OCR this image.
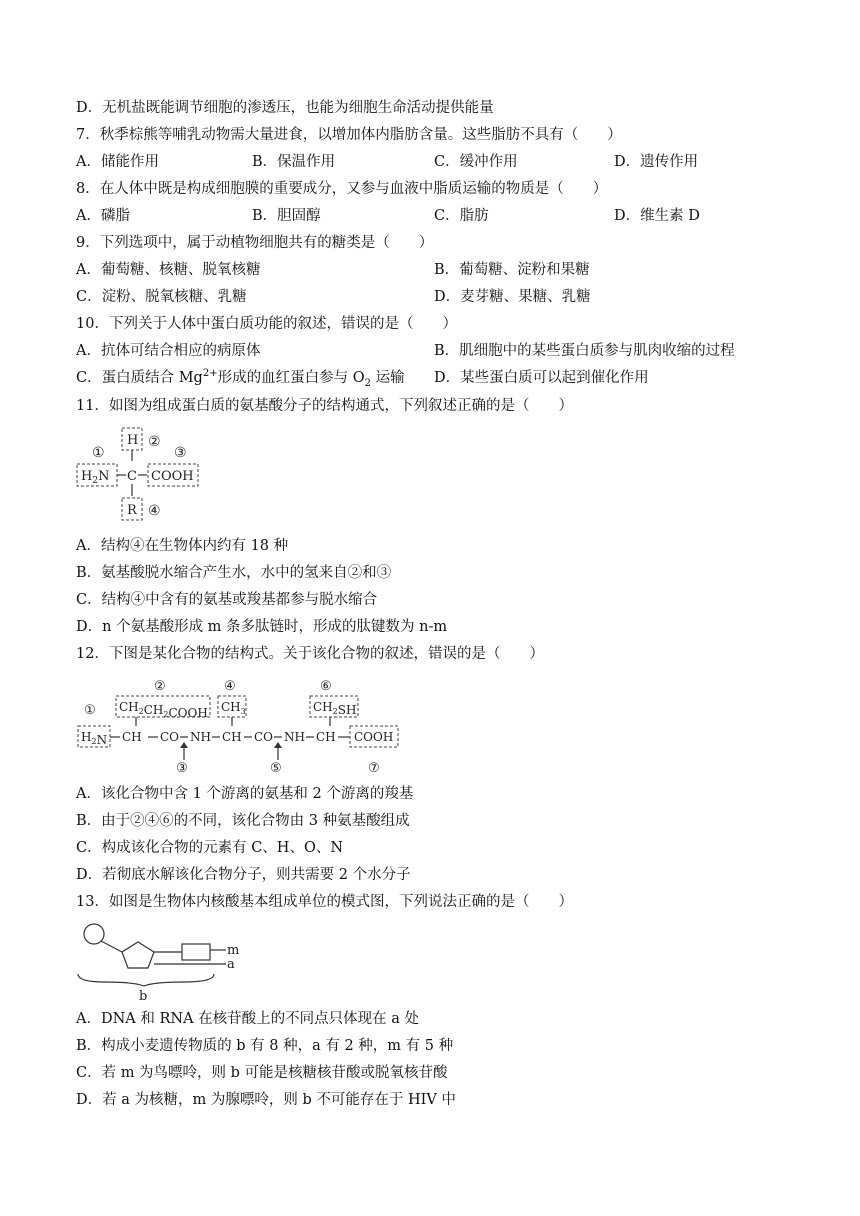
D．无机盐既能调节细胞的渗透压，也能为细胞生命活动提供能量
7．秋季棕熊等哺乳动物需大量进食，以增加体内脂肪含量。这些脂肪不具有（　　）
A．储能作用	B．保温作用	C．缓冲作用	D．遗传作用
8．在人体中既是构成细胞膜的重要成分，又参与血液中脂质运输的物质是（　　）
A．磷脂	B．胆固醇	C．脂肪	D．维生素 D
9．下列选项中，属于动植物细胞共有的糖类是（　　）
A．葡萄糖、核糖、脱氧核糖	B．葡萄糖、淀粉和果糖
C．淀粉、脱氧核糖、乳糖	D．麦芽糖、果糖、乳糖
10．下列关于人体中蛋白质功能的叙述，错误的是（　　）
A．抗体可结合相应的病原体	B．肌细胞中的某些蛋白质参与肌肉收缩的过程
C．蛋白质结合 $Mg^{2+}$形成的血红蛋白参与 $O_2$ 运输 D．某些蛋白质可以起到催化作用
11．如图为组成蛋白质的氨基酸分子的结构通式，下列叙述正确的是（　　）
①
②
③
④
H
$H_2N$ C COOH
R
A．结构④在生物体内约有 18 种
B．氨基酸脱水缩合产生水，水中的氢来自②和③
C．结构④中含有的氨基或羧基都参与脱水缩合
D．n 个氨基酸形成 m 条多肽链时，形成的肽键数为 n-m
12．下图是某化合物的结构式。关于该化合物的叙述，错误的是（　　）
②	④	⑥
① $CH_2CH_2COOH$ $CH_3$	$CH_2SH$
$H_2N$ CH CO NH CH CO NH CH COOH
③	⑤	⑦
A．该化合物中含 1 个游离的氨基和 2 个游离的羧基
B．由于②④⑥的不同，该化合物由 3 种氨基酸组成
C．构成该化合物的元素有 C、H、O、N
D．若彻底水解该化合物分子，则共需要 2 个水分子
13．如图是生物体内核酸基本组成单位的模式图，下列说法正确的是（　　）
m
a
b
A．DNA 和 RNA 在核苷酸上的不同点只体现在 a 处
B．构成小麦遗传物质的 b 有 8 种，a 有 2 种，m 有 5 种
C．若 m 为鸟嘌呤，则 b 可能是核糖核苷酸或脱氧核苷酸
D．若 a 为核糖，m 为腺嘌呤，则 b 不可能存在于 HIV 中
